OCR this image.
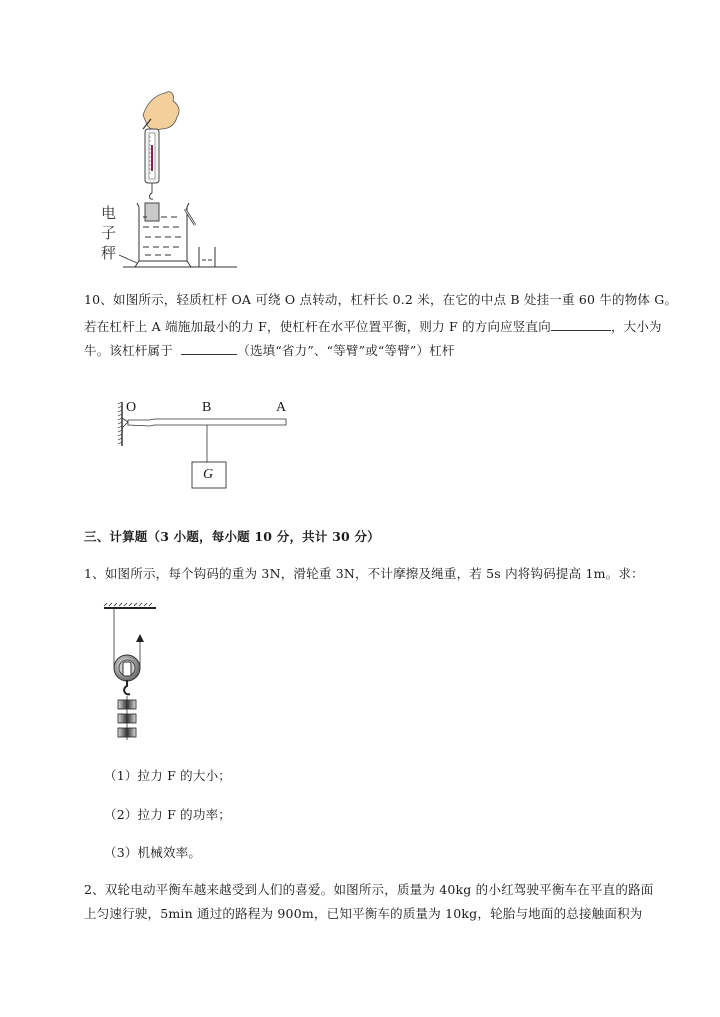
电
子
秤
10、如图所示，轻质杠杆 OA 可绕 O 点转动，杠杆长 0.2 米，在它的中点 B 处挂一重 60 牛的物体 G。
若在杠杆上 A 端施加最小的力 F，使杠杆在水平位置平衡，则力 F 的方向应竖直向	，大小为
牛。该杠杆属于	（选填“省力”、“等臂”或“等臂”）杠杆
O	B	A
G
三、计算题（3 小题，每小题 10 分，共计 30 分）
1、如图所示，每个钩码的重为 3N，滑轮重 3N，不计摩擦及绳重，若 5s 内将钩码提高 1m。求：
（1）拉力 F 的大小；
（2）拉力 F 的功率；
（3）机械效率。
2、双轮电动平衡车越来越受到人们的喜爱。如图所示，质量为 40kg 的小红驾驶平衡车在平直的路面
上匀速行驶，5min 通过的路程为 900m，已知平衡车的质量为 10kg，轮胎与地面的总接触面积为
